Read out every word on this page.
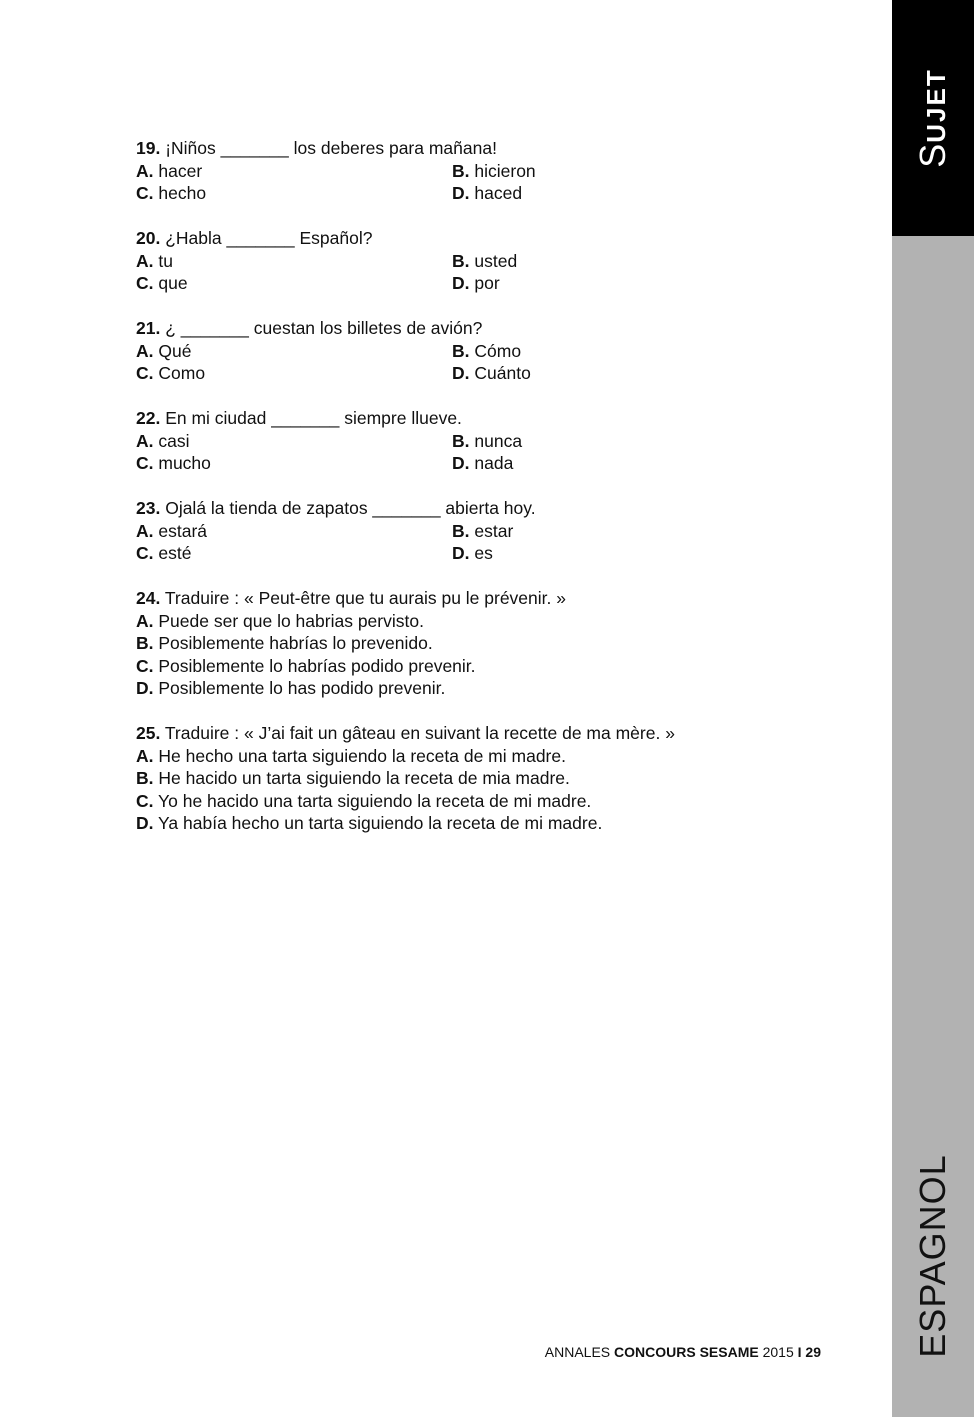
SUJET
ESPAGNOL
19. ¡Niños _______ los deberes para mañana!
A. hacer	B. hicieron
C. hecho	D. haced
20. ¿Habla _______ Español?
A. tu	B. usted
C. que	D. por
21. ¿ _______ cuestan los billetes de avión?
A. Qué	B. Cómo
C. Como	D. Cuánto
22. En mi ciudad _______ siempre llueve.
A. casi	B. nunca
C. mucho	D. nada
23. Ojalá la tienda de zapatos _______ abierta hoy.
A. estará	B. estar
C. esté	D. es
24. Traduire : « Peut-être que tu aurais pu le prévenir. »
A. Puede ser que lo habrias pervisto.
B. Posiblemente habrías lo prevenido.
C. Posiblemente lo habrías podido prevenir.
D. Posiblemente lo has podido prevenir.
25. Traduire : « J’ai fait un gâteau en suivant la recette de ma mère. »
A. He hecho una tarta siguiendo la receta de mi madre.
B. He hacido un tarta siguiendo la receta de mia madre.
C. Yo he hacido una tarta siguiendo la receta de mi madre.
D. Ya había hecho un tarta siguiendo la receta de mi madre.
ANNALES CONCOURS SESAME 2015 I 29
